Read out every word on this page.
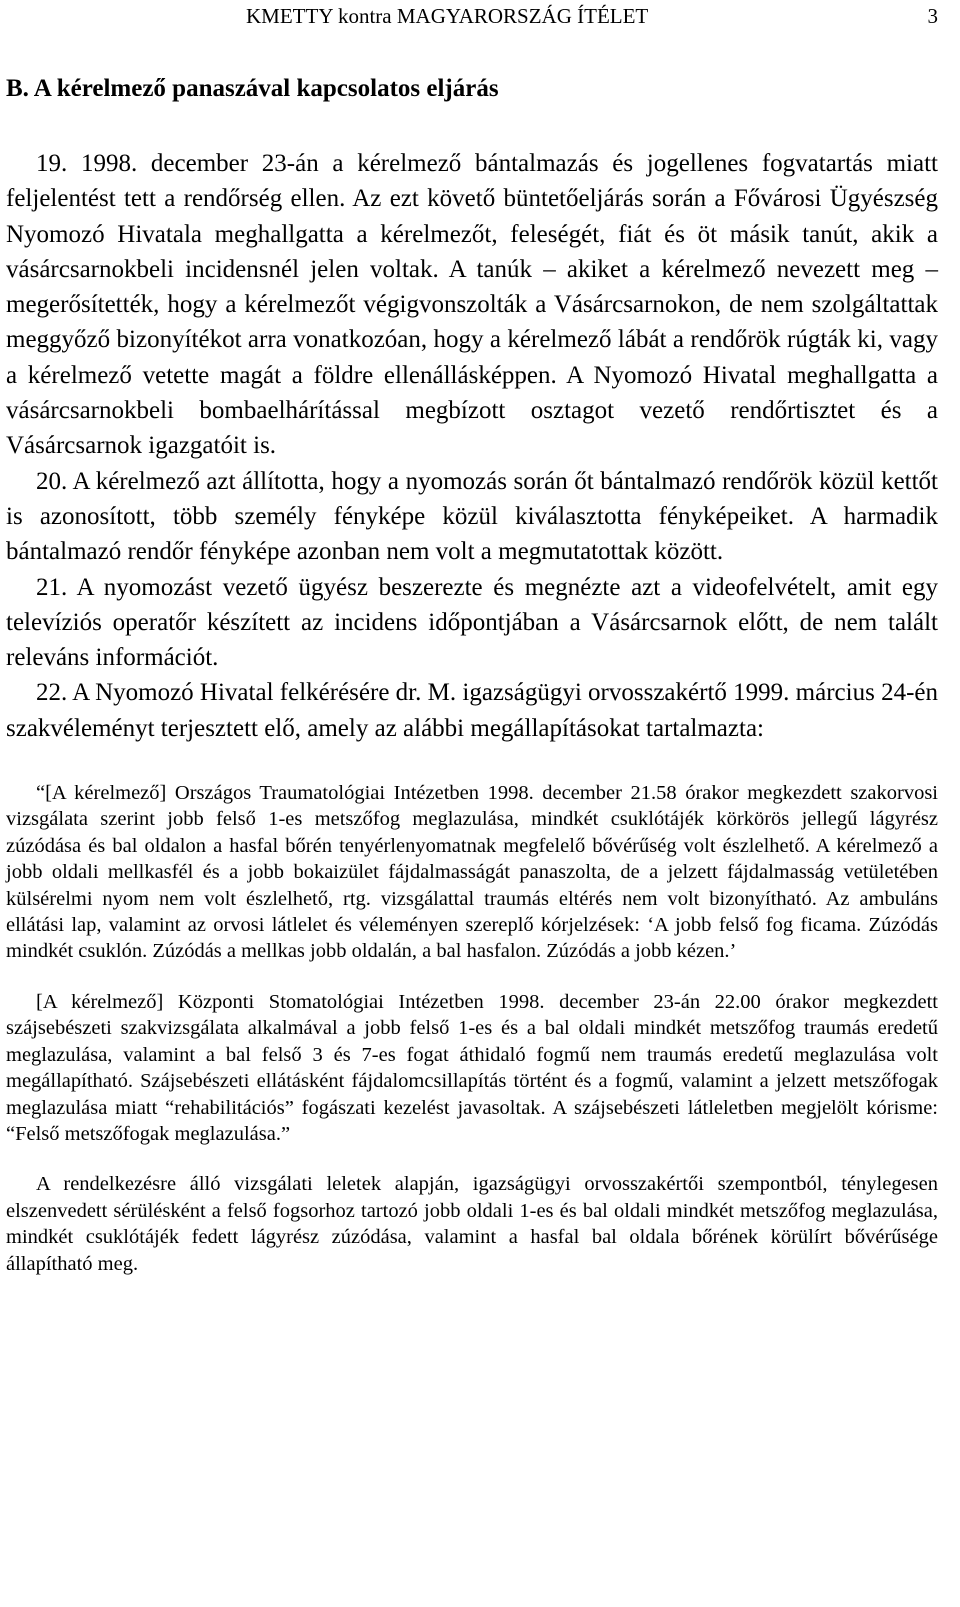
KMETTY kontra MAGYARORSZÁG ÍTÉLET	3
B. A kérelmező panaszával kapcsolatos eljárás

19. 1998. december 23-án a kérelmező bántalmazás és jogellenes fogvatartás miatt feljelentést tett a rendőrség ellen. Az ezt követő büntetőeljárás során a Fővárosi Ügyészség Nyomozó Hivatala meghallgatta a kérelmezőt, feleségét, fiát és öt másik tanút, akik a vásárcsarnokbeli incidensnél jelen voltak. A tanúk – akiket a kérelmező nevezett meg – megerősítették, hogy a kérelmezőt végigvonszolták a Vásárcsarnokon, de nem szolgáltattak meggyőző bizonyítékot arra vonatkozóan, hogy a kérelmező lábát a rendőrök rúgták ki, vagy a kérelmező vetette magát a földre ellenállásképpen. A Nyomozó Hivatal meghallgatta a vásárcsarnokbeli bombaelhárítással megbízott osztagot vezető rendőrtisztet és a Vásárcsarnok igazgatóit is.

20. A kérelmező azt állította, hogy a nyomozás során őt bántalmazó rendőrök közül kettőt is azonosított, több személy fényképe közül kiválasztotta fényképeiket. A harmadik bántalmazó rendőr fényképe azonban nem volt a megmutatottak között.

21. A nyomozást vezető ügyész beszerezte és megnézte azt a videofelvételt, amit egy televíziós operatőr készített az incidens időpontjában a Vásárcsarnok előtt, de nem talált releváns információt.

22. A Nyomozó Hivatal felkérésére dr. M. igazságügyi orvosszakértő 1999. március 24-én szakvéleményt terjesztett elő, amely az alábbi megállapításokat tartalmazta:

“[A kérelmező] Országos Traumatológiai Intézetben 1998. december 21.58 órakor megkezdett szakorvosi vizsgálata szerint jobb felső 1-es metszőfog meglazulása, mindkét csuklótájék körkörös jellegű lágyrész zúzódása és bal oldalon a hasfal bőrén tenyérlenyomatnak megfelelő bővérűség volt észlelhető. A kérelmező a jobb oldali mellkasfél és a jobb bokaizület fájdalmasságát panaszolta, de a jelzett fájdalmasság vetületében külsérelmi nyom nem volt észlelhető, rtg. vizsgálattal traumás eltérés nem volt bizonyítható. Az ambuláns ellátási lap, valamint az orvosi látlelet és véleményen szereplő kórjelzések: ‘A jobb felső fog ficama. Zúzódás mindkét csuklón. Zúzódás a mellkas jobb oldalán, a bal hasfalon. Zúzódás a jobb kézen.’

[A kérelmező] Központi Stomatológiai Intézetben 1998. december 23-án 22.00 órakor megkezdett szájsebészeti szakvizsgálata alkalmával a jobb felső 1-es és a bal oldali mindkét metszőfog traumás eredetű meglazulása, valamint a bal felső 3 és 7-es fogat áthidaló fogmű nem traumás eredetű meglazulása volt megállapítható. Szájsebészeti ellátásként fájdalomcsillapítás történt és a fogmű, valamint a jelzett metszőfogak meglazulása miatt “rehabilitációs” fogászati kezelést javasoltak. A szájsebészeti látleletben megjelölt kórisme: “Felső metszőfogak meglazulása.”

A rendelkezésre álló vizsgálati leletek alapján, igazságügyi orvosszakértői szempontból, ténylegesen elszenvedett sérülésként a felső fogsorhoz tartozó jobb oldali 1-es és bal oldali mindkét metszőfog meglazulása, mindkét csuklótájék fedett lágyrész zúzódása, valamint a hasfal bal oldala bőrének körülírt bővérűsége állapítható meg.
